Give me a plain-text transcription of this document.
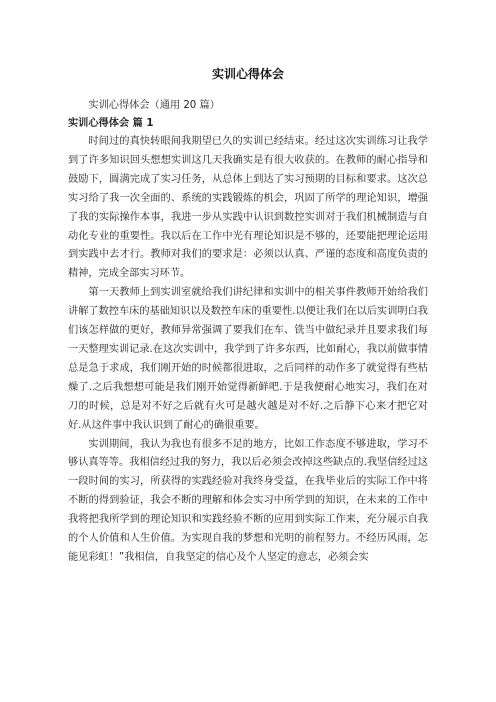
实训心得体会

实训心得体会（通用 20 篇）

实训心得体会 篇 1

时间过的真快转眼间我期望已久的实训已经结束。经过这次实训练习让我学到了许多知识回头想想实训这几天我确实是有很大收获的。在教师的耐心指导和鼓励下，圆满完成了实习任务，从总体上到达了实习预期的目标和要求。这次总实习给了我一次全面的、系统的实践锻炼的机会，巩固了所学的理论知识，增强了我的实际操作本事，我进一步从实践中认识到数控实训对于我们机械制造与自动化专业的重要性。我以后在工作中光有理论知识是不够的，还要能把理论运用到实践中去才行。教师对我们的要求是：必须以认真、严谨的态度和高度负责的精神，完成全部实习环节。

第一天教师上到实训室就给我们讲纪律和实训中的相关事件教师开始给我们讲解了数控车床的基础知识以及数控车床的重要性.以便让我们在以后实训明白我们该怎样做的更好，教师异常强调了要我们在车、铣当中做纪录并且要求我们每一天整理实训记录.在这次实训中，我学到了许多东西，比如耐心，我以前做事情总是急于求成，我们刚开始的时候都很进取，之后同样的动作多了就觉得有些枯燥了.之后我想想可能是我们刚开始觉得新鲜吧.于是我便耐心地实习，我们在对刀的时候，总是对不好之后就有火可是越火越是对不好.之后静下心来才把它对好.从这件事中我认识到了耐心的确很重要。

实训期间，我认为我也有很多不足的地方，比如工作态度不够进取，学习不够认真等等。我相信经过我的努力，我以后必须会改掉这些缺点的.我坚信经过这一段时间的实习，所获得的实践经验对我终身受益，在我毕业后的实际工作中将不断的得到验证，我会不断的理解和体会实习中所学到的知识，在未来的工作中我将把我所学到的理论知识和实践经验不断的应用到实际工作来，充分展示自我的个人价值和人生价值。为实现自我的梦想和光明的前程努力。不经历风雨，怎能见彩虹！”我相信，自我坚定的信心及个人坚定的意志，必须会实
